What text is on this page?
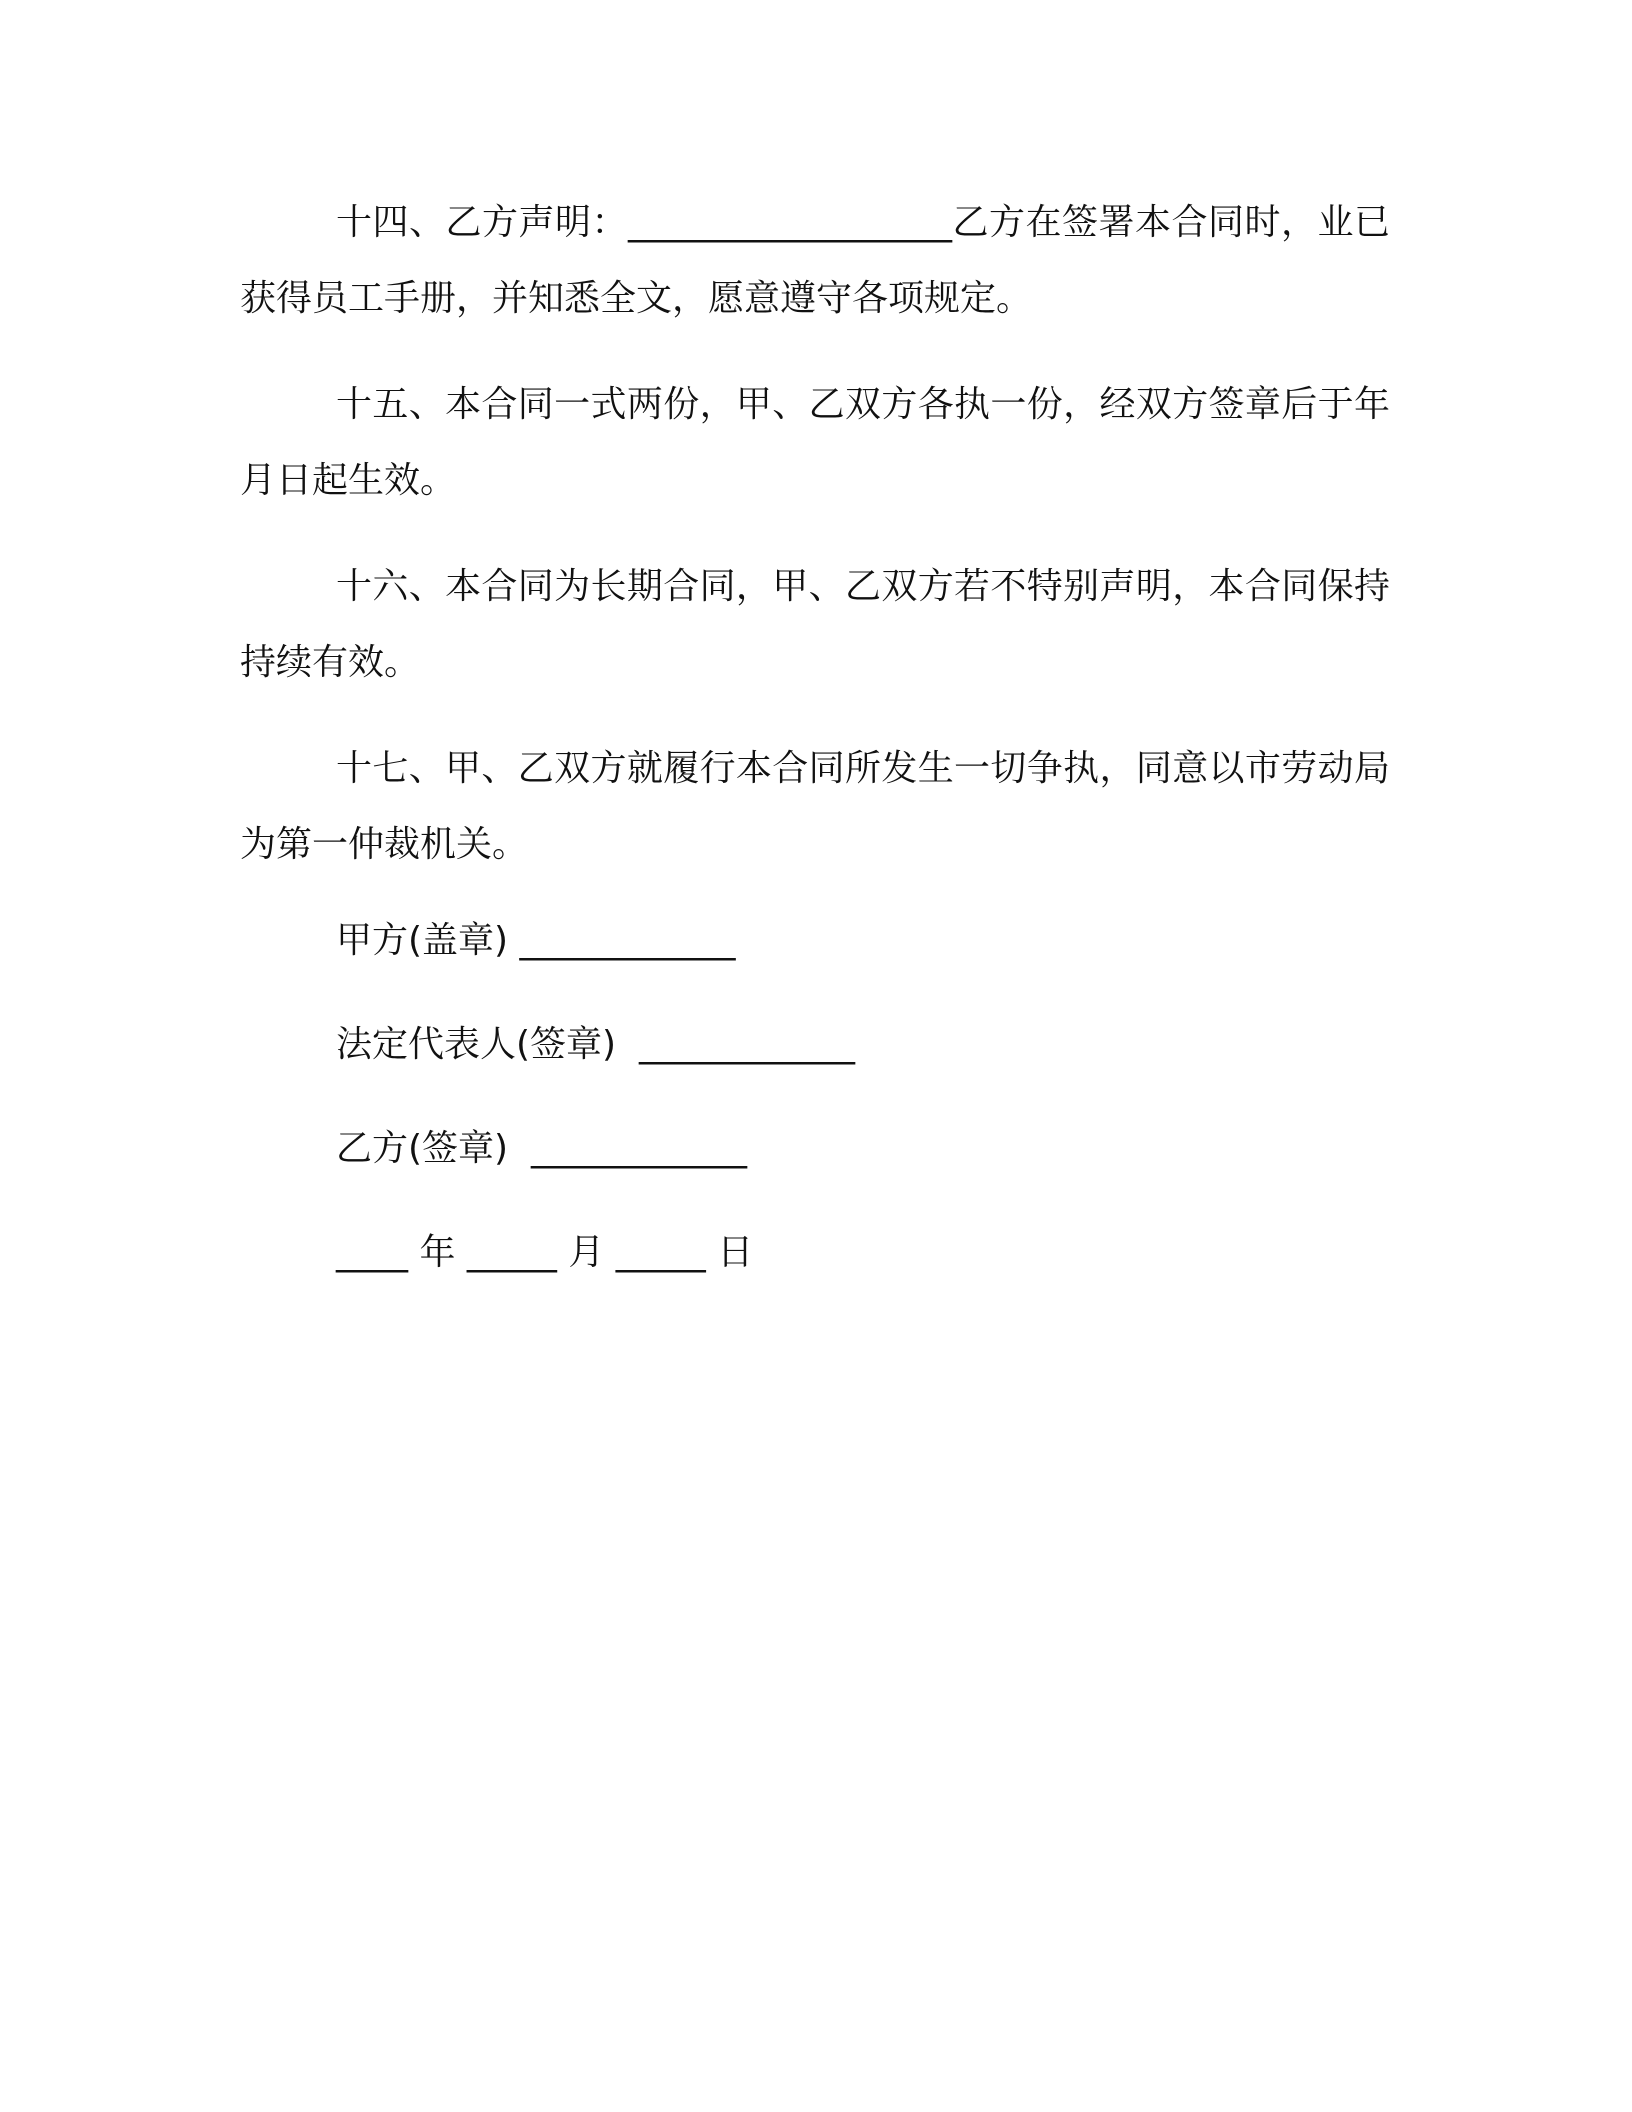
十四、乙方声明：__________________乙方在签署本合同时，业已获得员工手册，并知悉全文，愿意遵守各项规定。

十五、本合同一式两份，甲、乙双方各执一份，经双方签章后于年月日起生效。

十六、本合同为长期合同，甲、乙双方若不特别声明，本合同保持持续有效。

十七、甲、乙双方就履行本合同所发生一切争执，同意以市劳动局为第一仲裁机关。

甲方(盖章) ____________
法定代表人(签章)  ____________
乙方(签章)  ____________
____ 年 _____ 月 _____ 日
